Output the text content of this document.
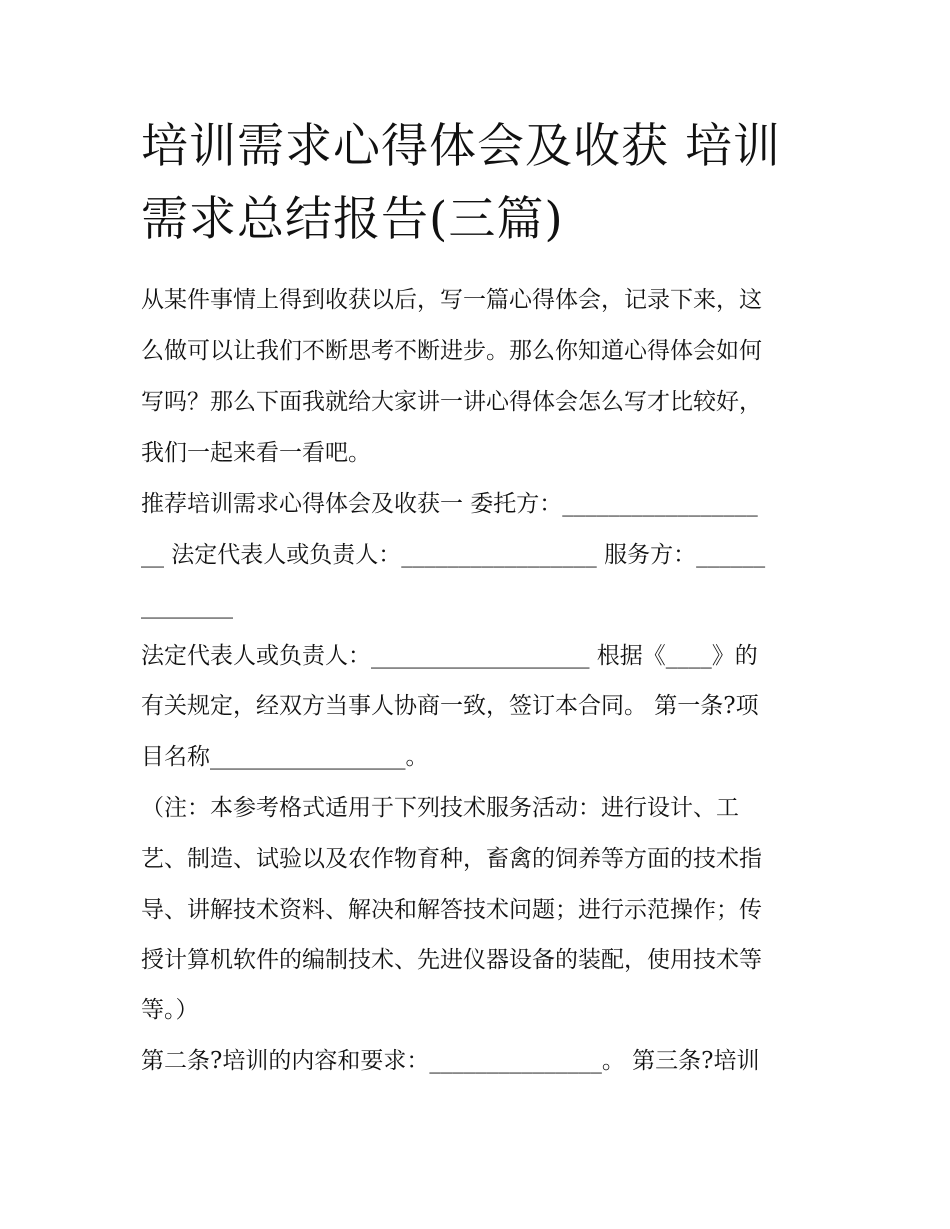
培训需求心得体会及收获 培训需求总结报告(三篇)
从某件事情上得到收获以后，写一篇心得体会，记录下来，这
么做可以让我们不断思考不断进步。那么你知道心得体会如何
写吗？那么下面我就给大家讲一讲心得体会怎么写才比较好，
我们一起来看一看吧。
推荐培训需求心得体会及收获一 委托方：_________________
__ 法定代表人或负责人：_________________ 服务方：______
________
法定代表人或负责人：___________________ 根据《____》的
有关规定，经双方当事人协商一致，签订本合同。 第一条?项
目名称_________________。
（注：本参考格式适用于下列技术服务活动：进行设计、工
艺、制造、试验以及农作物育种，畜禽的饲养等方面的技术指
导、讲解技术资料、解决和解答技术问题；进行示范操作；传
授计算机软件的编制技术、先进仪器设备的装配，使用技术等
等。）
第二条?培训的内容和要求：_______________。 第三条?培训
